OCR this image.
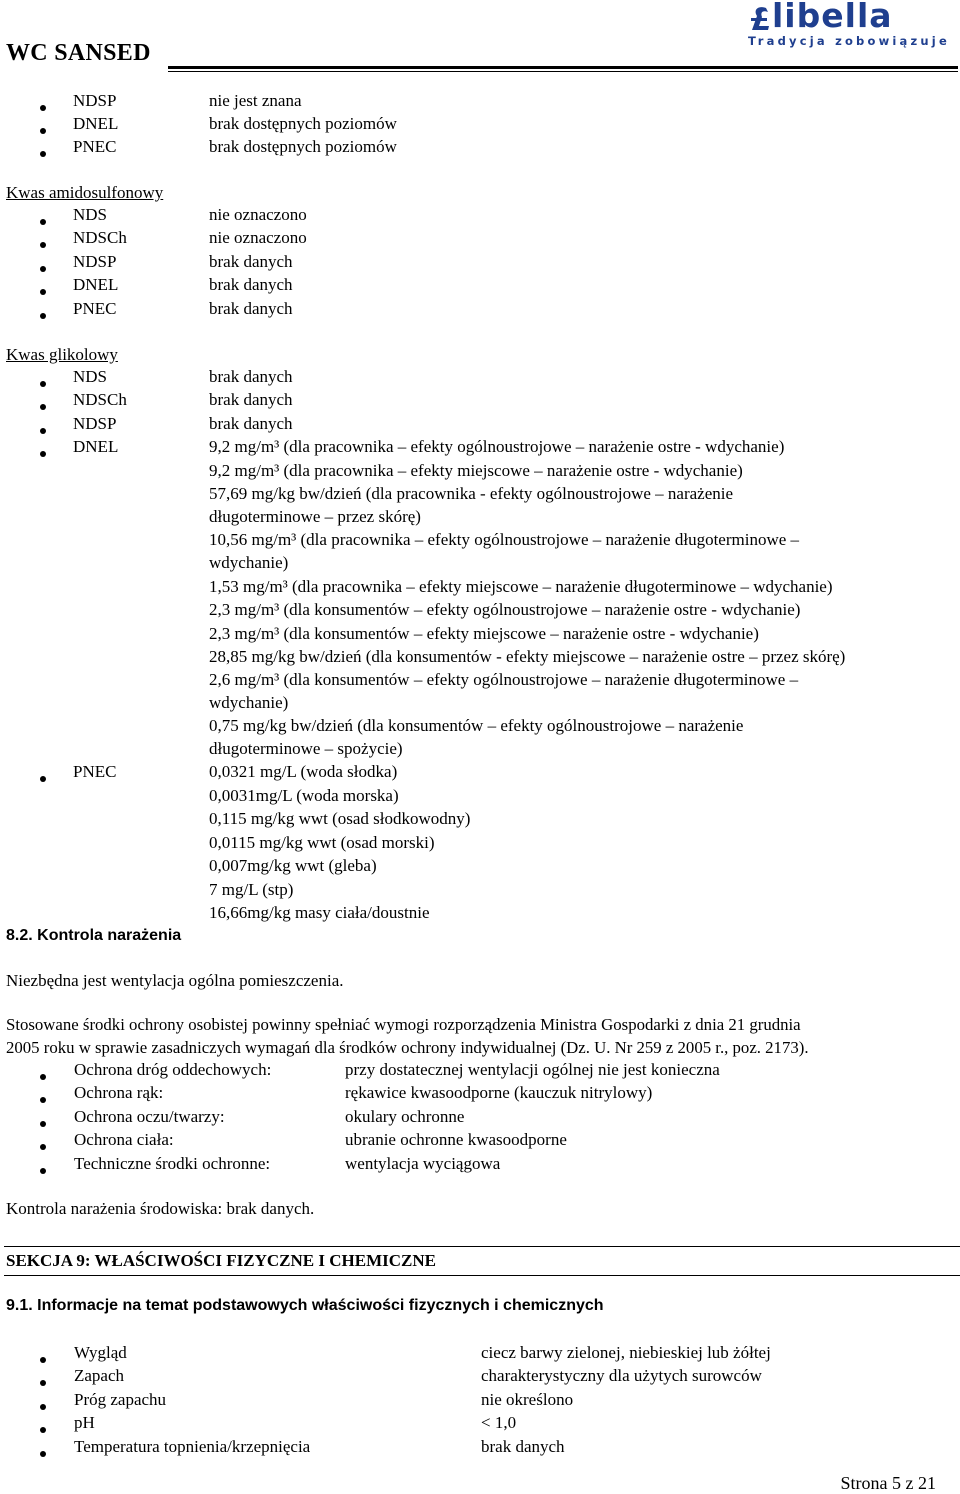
WC SANSED
libella
Tradycja zobowiązuje
NDSP	nie jest znana
DNEL	brak dostępnych poziomów
PNEC	brak dostępnych poziomów
Kwas amidosulfonowy
NDS	nie oznaczono
NDSCh	nie oznaczono
NDSP	brak danych
DNEL	brak danych
PNEC	brak danych
Kwas glikolowy
NDS	brak danych
NDSCh	brak danych
NDSP	brak danych
DNEL	9,2 mg/m³ (dla pracownika – efekty ogólnoustrojowe – narażenie ostre - wdychanie)
9,2 mg/m³ (dla pracownika – efekty miejscowe – narażenie ostre - wdychanie)
57,69 mg/kg bw/dzień (dla pracownika - efekty ogólnoustrojowe – narażenie
długoterminowe – przez skórę)
10,56 mg/m³ (dla pracownika – efekty ogólnoustrojowe – narażenie długoterminowe –
wdychanie)
1,53 mg/m³ (dla pracownika – efekty miejscowe – narażenie długoterminowe – wdychanie)
2,3 mg/m³ (dla konsumentów – efekty ogólnoustrojowe – narażenie ostre - wdychanie)
2,3 mg/m³ (dla konsumentów – efekty miejscowe – narażenie ostre - wdychanie)
28,85 mg/kg bw/dzień (dla konsumentów - efekty miejscowe – narażenie ostre – przez skórę)
2,6 mg/m³ (dla konsumentów – efekty ogólnoustrojowe – narażenie długoterminowe –
wdychanie)
0,75 mg/kg bw/dzień (dla konsumentów – efekty ogólnoustrojowe – narażenie
długoterminowe – spożycie)
PNEC	0,0321 mg/L (woda słodka)
0,0031mg/L (woda morska)
0,115 mg/kg wwt (osad słodkowodny)
0,0115 mg/kg wwt (osad morski)
0,007mg/kg wwt (gleba)
7 mg/L (stp)
16,66mg/kg masy ciała/doustnie
8.2. Kontrola narażenia
Niezbędna jest wentylacja ogólna pomieszczenia.
Stosowane środki ochrony osobistej powinny spełniać wymogi rozporządzenia Ministra Gospodarki z dnia 21 grudnia
2005 roku w sprawie zasadniczych wymagań dla środków ochrony indywidualnej (Dz. U. Nr 259 z 2005 r., poz. 2173).
Ochrona dróg oddechowych:	przy dostatecznej wentylacji ogólnej nie jest konieczna
Ochrona rąk:	rękawice kwasoodporne (kauczuk nitrylowy)
Ochrona oczu/twarzy:	okulary ochronne
Ochrona ciała:	ubranie ochronne kwasoodporne
Techniczne środki ochronne:	wentylacja wyciągowa
Kontrola narażenia środowiska: brak danych.
SEKCJA 9: WŁAŚCIWOŚCI FIZYCZNE I CHEMICZNE
9.1. Informacje na temat podstawowych właściwości fizycznych i chemicznych
Wygląd	ciecz barwy zielonej, niebieskiej lub żółtej
Zapach	charakterystyczny dla użytych surowców
Próg zapachu	nie określono
pH	< 1,0
Temperatura topnienia/krzepnięcia	brak danych
Strona 5 z 21
